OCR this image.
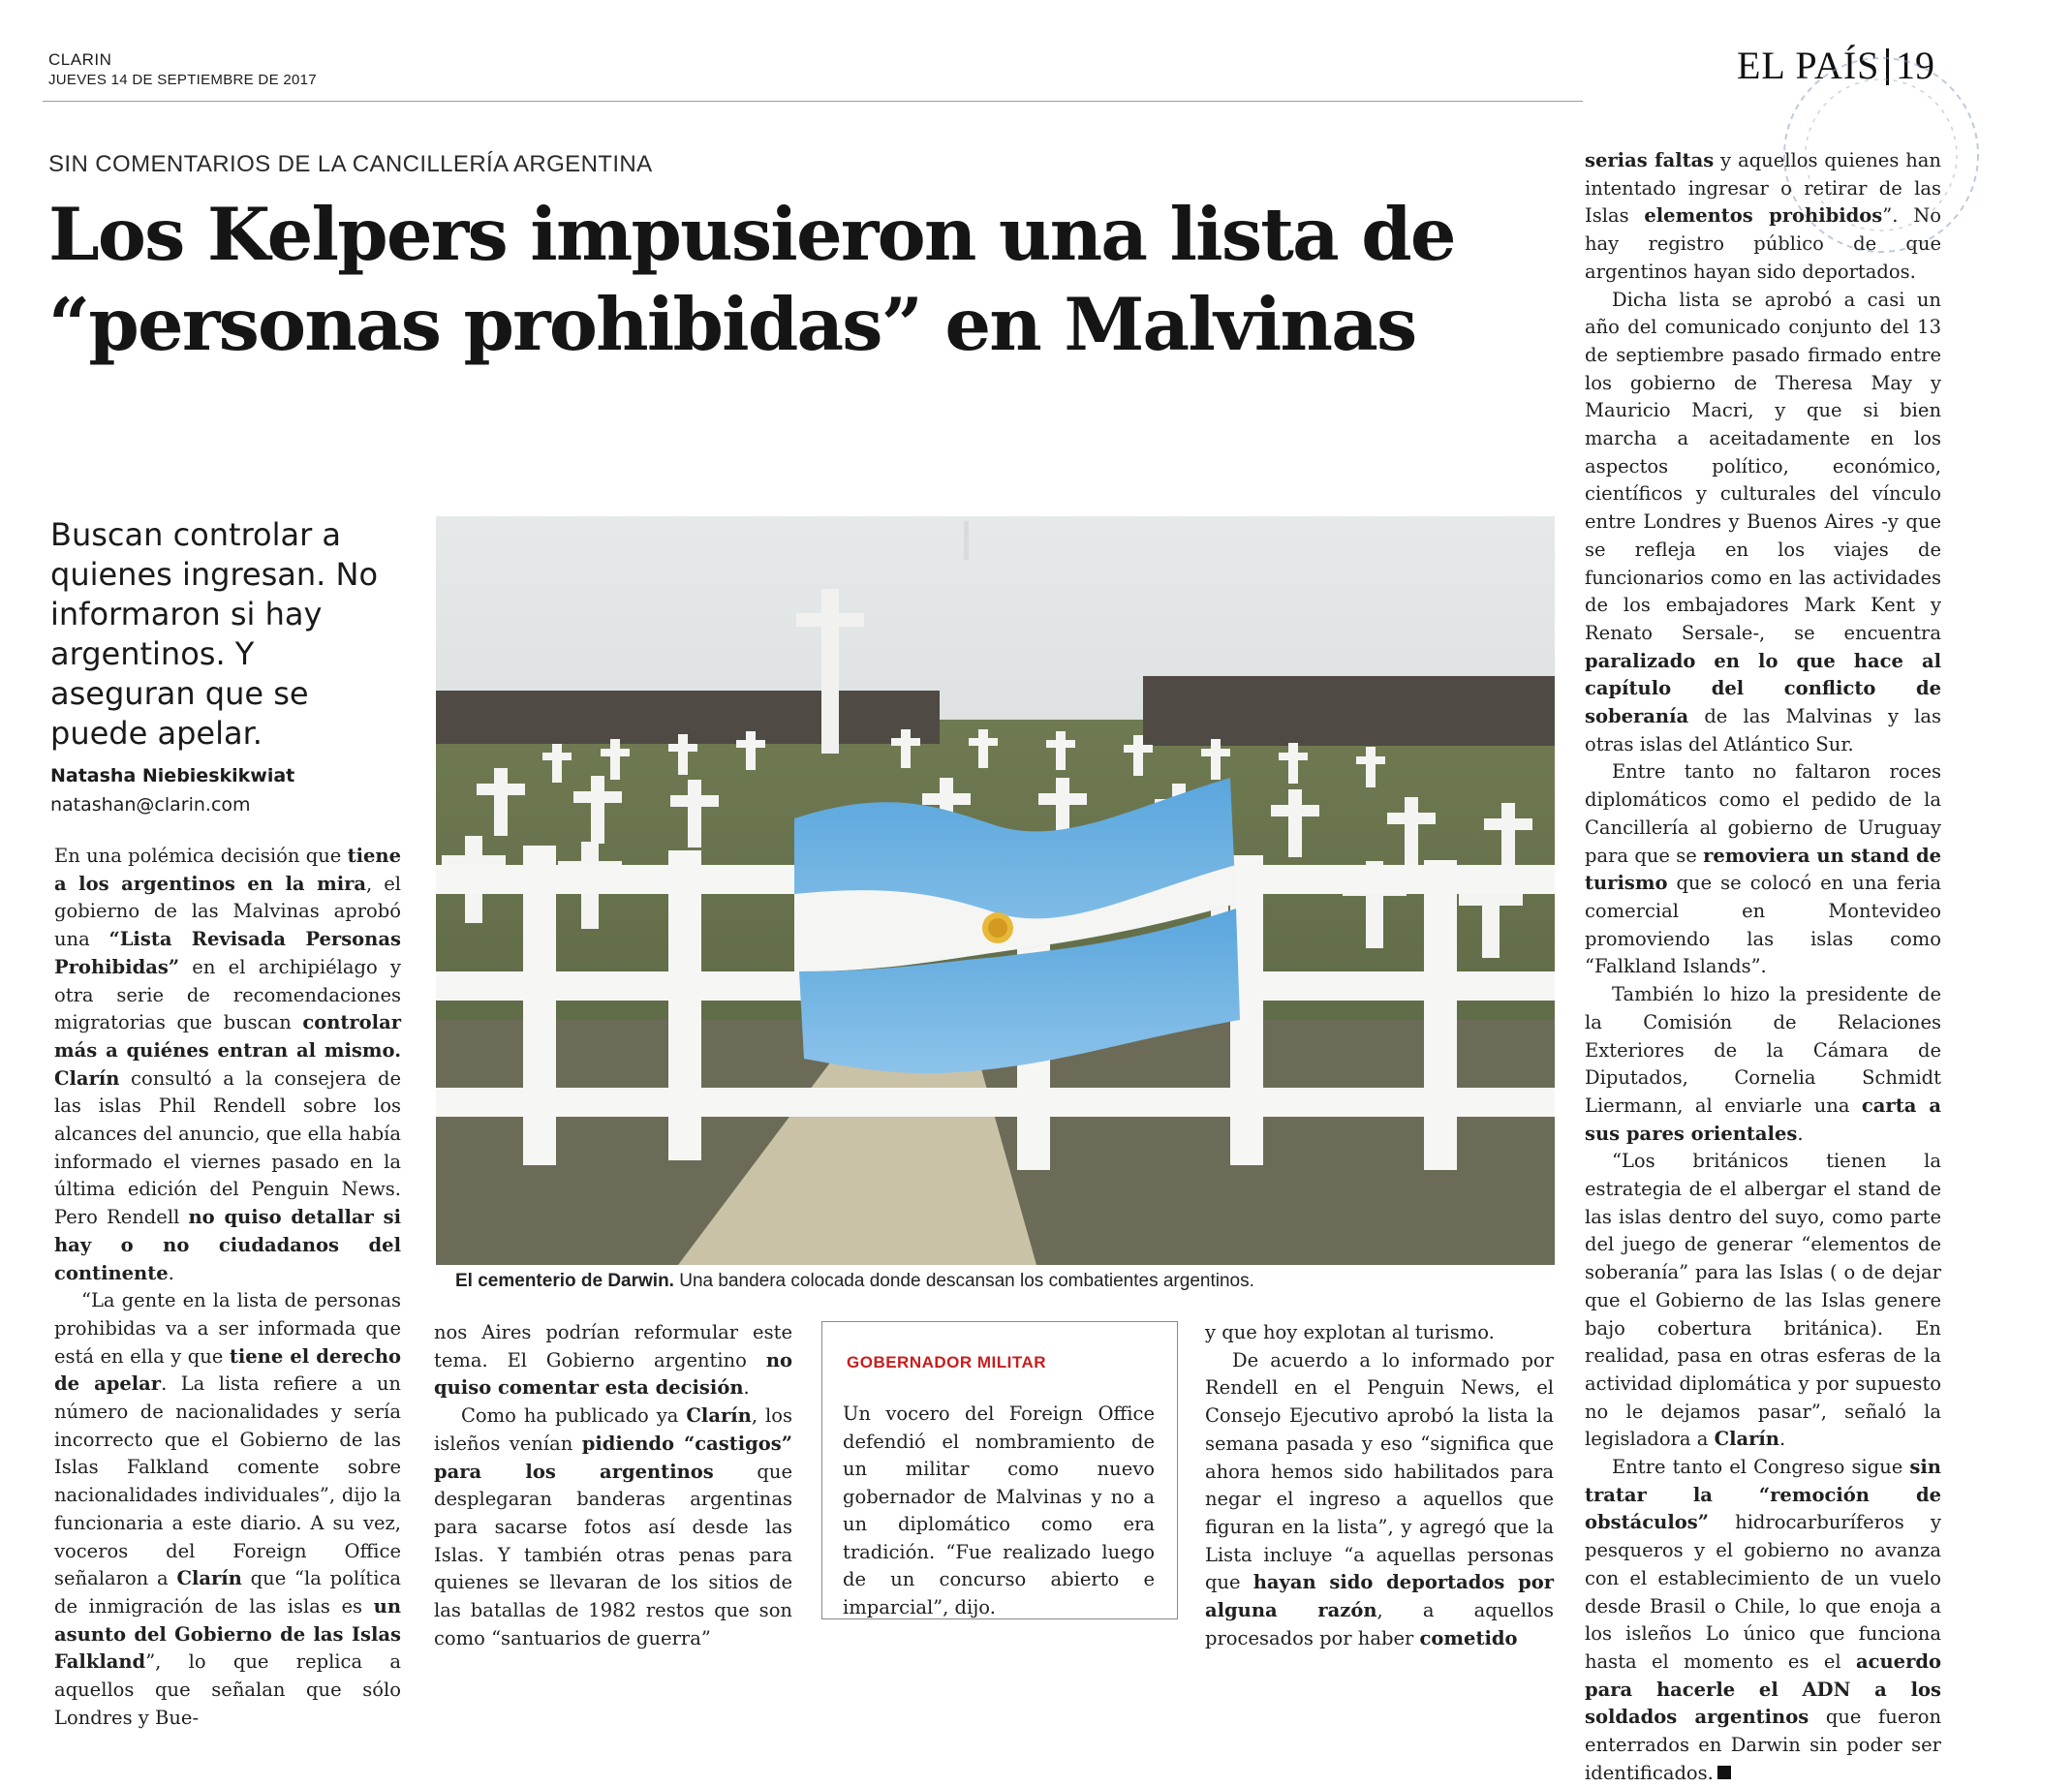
CLARIN
JUEVES 14 DE SEPTIEMBRE DE 2017	EL PAÍS 19
SIN COMENTARIOS DE LA CANCILLERÍA ARGENTINA
Los Kelpers impusieron una lista de
“personas prohibidas” en Malvinas

Buscan controlar a quienes ingresan. No informaron si hay argentinos. Y aseguran que se puede apelar.

Natasha Niebieskikwiat
natashan@clarin.com

En una polémica decisión que tiene a los argentinos en la mira, el gobierno de las Malvinas aprobó una “Lista Revisada Personas Prohibidas” en el archipiélago y otra serie de recomendaciones migratorias que buscan controlar más a quiénes entran al mismo. Clarín consultó a la consejera de las islas Phil Rendell sobre los alcances del anuncio, que ella había informado el viernes pasado en la última edición del Penguin News. Pero Rendell no quiso detallar si hay o no ciudadanos del continente.

“La gente en la lista de personas prohibidas va a ser informada que está en ella y que tiene el derecho de apelar. La lista refiere a un número de nacionalidades y sería incorrecto que el Gobierno de las Islas Falkland comente sobre nacionalidades individuales”, dijo la funcionaria a este diario. A su vez, voceros del Foreign Office señalaron a Clarín que “la política de inmigración de las islas es un asunto del Gobierno de las Islas Falkland”, lo que replica a aquellos que señalan que sólo Londres y Bue-

El cementerio de Darwin. Una bandera colocada donde descansan los combatientes argentinos.

nos Aires podrían reformular este tema. El Gobierno argentino no quiso comentar esta decisión.

Como ha publicado ya Clarín, los isleños venían pidiendo “castigos” para los argentinos que desplegaran banderas argentinas para sacarse fotos así desde las Islas. Y también otras penas para quienes se llevaran de los sitios de las batallas de 1982 restos que son como “santuarios de guerra”

GOBERNADOR MILITAR

Un vocero del Foreign Office defendió el nombramiento de un militar como nuevo gobernador de Malvinas y no a un diplomático como era tradición. “Fue realizado luego de un concurso abierto e imparcial”, dijo.

y que hoy explotan al turismo.

De acuerdo a lo informado por Rendell en el Penguin News, el Consejo Ejecutivo aprobó la lista la semana pasada y eso “significa que ahora hemos sido habilitados para negar el ingreso a aquellos que figuran en la lista”, y agregó que la Lista incluye “a aquellas personas que hayan sido deportados por alguna razón, a aquellos procesados por haber cometido

serias faltas y aquellos quienes han intentado ingresar o retirar de las Islas elementos prohibidos”. No hay registro público de que argentinos hayan sido deportados.

Dicha lista se aprobó a casi un año del comunicado conjunto del 13 de septiembre pasado firmado entre los gobierno de Theresa May y Mauricio Macri, y que si bien marcha a aceitadamente en los aspectos político, económico, científicos y culturales del vínculo entre Londres y Buenos Aires -y que se refleja en los viajes de funcionarios como en las actividades de los embajadores Mark Kent y Renato Sersale-, se encuentra paralizado en lo que hace al capítulo del conflicto de soberanía de las Malvinas y las otras islas del Atlántico Sur.

Entre tanto no faltaron roces diplomáticos como el pedido de la Cancillería al gobierno de Uruguay para que se removiera un stand de turismo que se colocó en una feria comercial en Montevideo promoviendo las islas como “Falkland Islands”.

También lo hizo la presidente de la Comisión de Relaciones Exteriores de la Cámara de Diputados, Cornelia Schmidt Liermann, al enviarle una carta a sus pares orientales.

“Los británicos tienen la estrategia de el albergar el stand de las islas dentro del suyo, como parte del juego de generar “elementos de soberanía” para las Islas ( o de dejar que el Gobierno de las Islas genere bajo cobertura británica). En realidad, pasa en otras esferas de la actividad diplomática y por supuesto no le dejamos pasar”, señaló la legisladora a Clarín.

Entre tanto el Congreso sigue sin tratar la “remoción de obstáculos” hidrocarburíferos y pesqueros y el gobierno no avanza con el establecimiento de un vuelo desde Brasil o Chile, lo que enoja a los isleños Lo único que funciona hasta el momento es el acuerdo para hacerle el ADN a los soldados argentinos que fueron enterrados en Darwin sin poder ser identificados.
